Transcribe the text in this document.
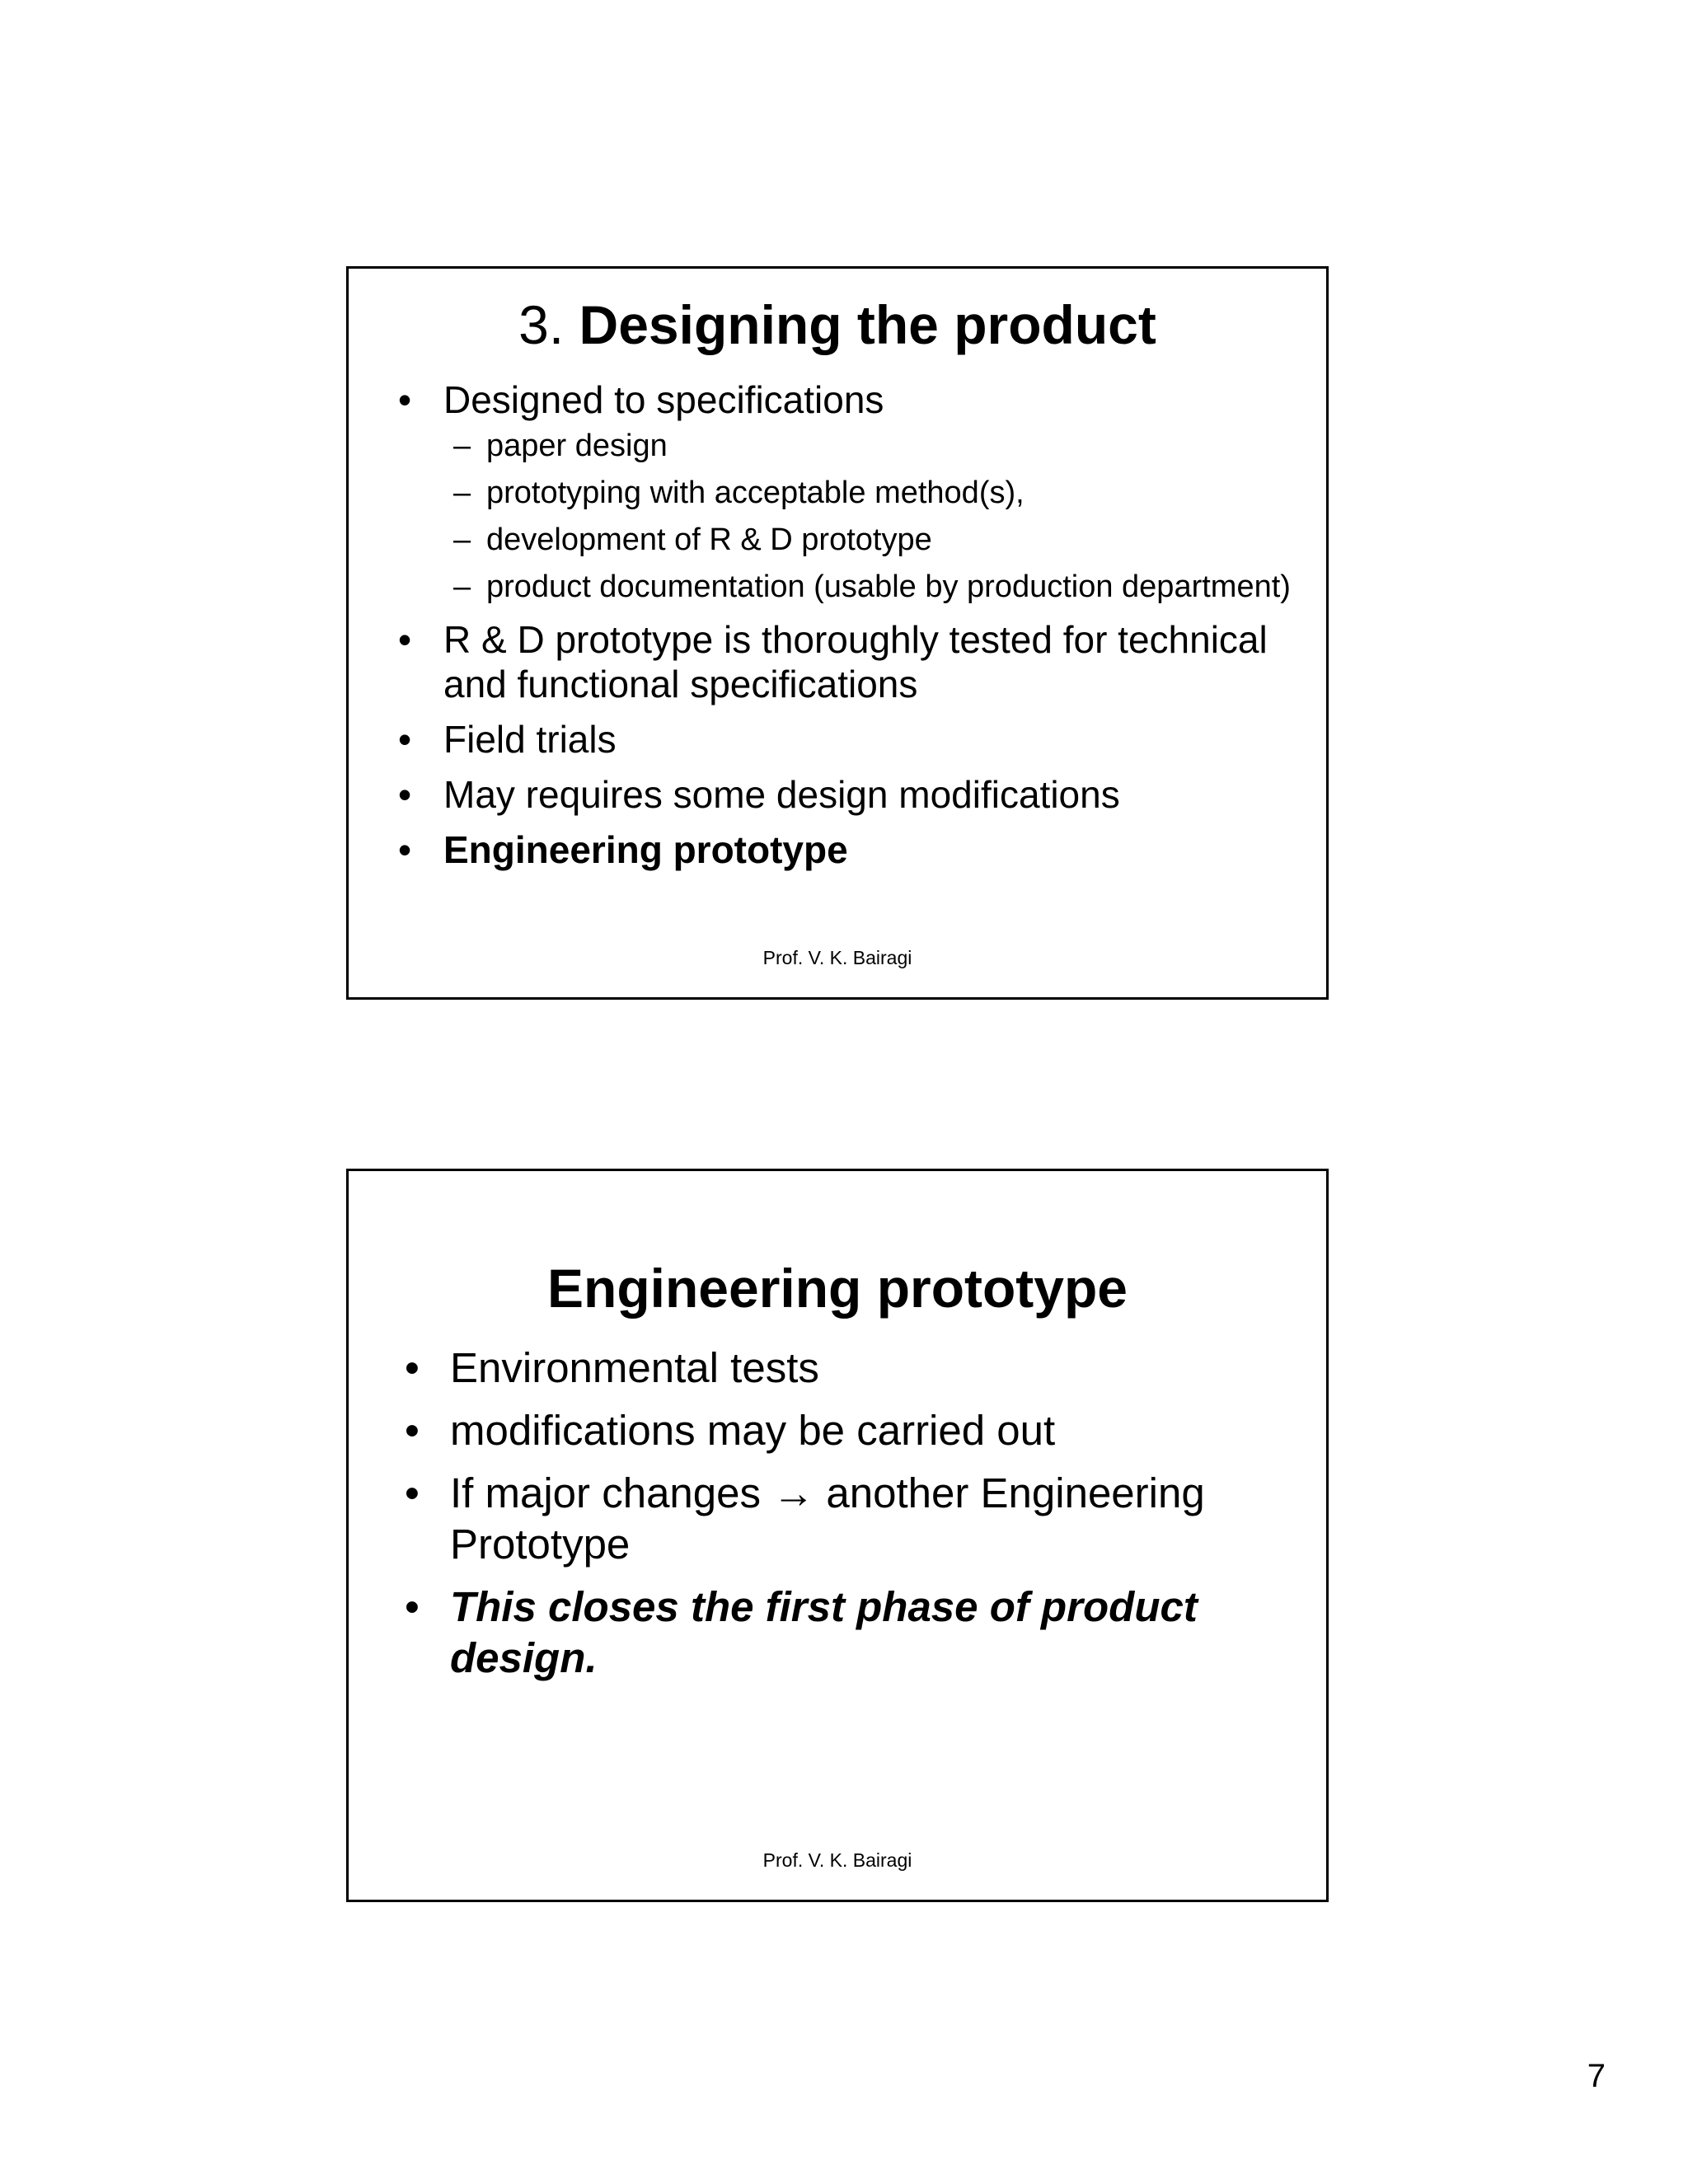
3. Designing the product
• Designed to specifications
– paper design
– prototyping with acceptable method(s),
– development of R & D prototype
– product documentation (usable by production department)
• R & D prototype is thoroughly tested for technical and functional specifications
• Field trials
• May requires some design modifications
• Engineering prototype
Prof. V. K. Bairagi
Engineering prototype
• Environmental tests
• modifications may be carried out
• If major changes → another Engineering Prototype
• This closes the first phase of product design.
Prof. V. K. Bairagi
7
